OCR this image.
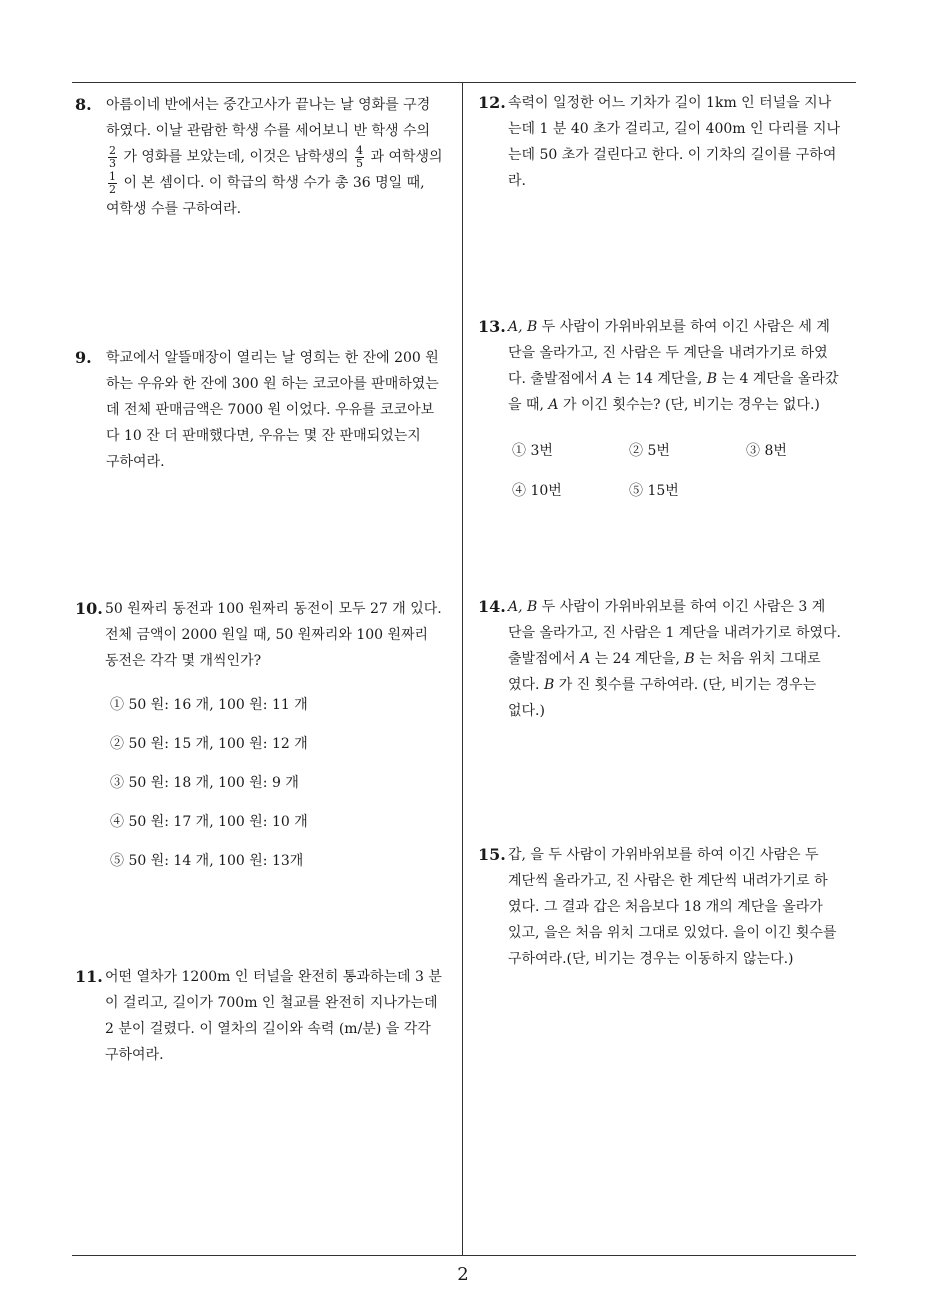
8. 아름이네 반에서는 중간고사가 끝나는 날 영화를 구경
하였다. 이날 관람한 학생 수를 세어보니 반 학생 수의
$\frac{2}{3}$ 가 영화를 보았는데, 이것은 남학생의 $\frac{4}{5}$ 과 여학생의
$\frac{1}{2}$ 이 본 셈이다. 이 학급의 학생 수가 총 36 명일 때,
여학생 수를 구하여라.
9. 학교에서 알뜰매장이 열리는 날 영희는 한 잔에 200 원
하는 우유와 한 잔에 300 원 하는 코코아를 판매하였는
데 전체 판매금액은 7000 원 이었다. 우유를 코코아보
다 10 잔 더 판매했다면, 우유는 몇 잔 판매되었는지
구하여라.
10. 50 원짜리 동전과 100 원짜리 동전이 모두 27 개 있다.
전체 금액이 2000 원일 때, 50 원짜리와 100 원짜리
동전은 각각 몇 개씩인가?
① 50 원: 16 개, 100 원: 11 개
② 50 원: 15 개, 100 원: 12 개
③ 50 원: 18 개, 100 원: 9 개
④ 50 원: 17 개, 100 원: 10 개
⑤ 50 원: 14 개, 100 원: 13개
11. 어떤 열차가 1200m 인 터널을 완전히 통과하는데 3 분
이 걸리고, 길이가 700m 인 철교를 완전히 지나가는데
2 분이 걸렸다. 이 열차의 길이와 속력 (m/분) 을 각각
구하여라.
12. 속력이 일정한 어느 기차가 길이 1km 인 터널을 지나
는데 1 분 40 초가 걸리고, 길이 400m 인 다리를 지나
는데 50 초가 걸린다고 한다. 이 기차의 길이를 구하여
라.
13. A, B 두 사람이 가위바위보를 하여 이긴 사람은 세 계
단을 올라가고, 진 사람은 두 계단을 내려가기로 하였
다. 출발점에서 A 는 14 계단을, B 는 4 계단을 올라갔
을 때, A 가 이긴 횟수는? (단, 비기는 경우는 없다.)
① 3번	② 5번	③ 8번
④ 10번	⑤ 15번
14. A, B 두 사람이 가위바위보를 하여 이긴 사람은 3 계
단을 올라가고, 진 사람은 1 계단을 내려가기로 하였다.
출발점에서 A 는 24 계단을, B 는 처음 위치 그대로
였다. B 가 진 횟수를 구하여라. (단, 비기는 경우는
없다.)
15. 갑, 을 두 사람이 가위바위보를 하여 이긴 사람은 두
계단씩 올라가고, 진 사람은 한 계단씩 내려가기로 하
였다. 그 결과 갑은 처음보다 18 개의 계단을 올라가
있고, 을은 처음 위치 그대로 있었다. 을이 이긴 횟수를
구하여라.(단, 비기는 경우는 이동하지 않는다.)
2
